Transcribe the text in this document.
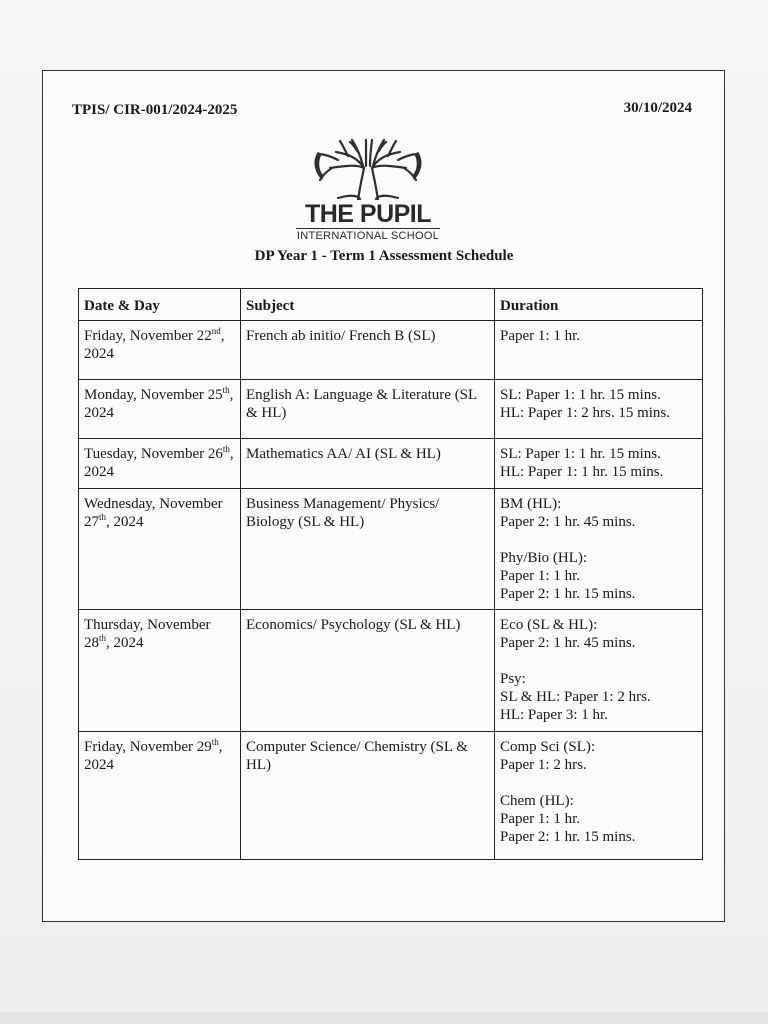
TPIS/ CIR-001/2024-2025	30/10/2024
THE PUPIL
INTERNATIONAL SCHOOL
DP Year 1 - Term 1 Assessment Schedule
Date & Day	Subject	Duration
Friday, November 22nd, 2024	French ab initio/ French B (SL)	Paper 1: 1 hr.

Monday, November 25th, 2024	English A: Language & Literature (SL & HL)	SL: Paper 1: 1 hr. 15 mins.
HL: Paper 1: 2 hrs. 15 mins.

Tuesday, November 26th, 2024	Mathematics AA/ AI (SL & HL)	SL: Paper 1: 1 hr. 15 mins.
HL: Paper 1: 1 hr. 15 mins.

Wednesday, November 27th, 2024	Business Management/ Physics/ Biology (SL & HL)	BM (HL):
Paper 2: 1 hr. 45 mins.
Phy/Bio (HL):
Paper 1: 1 hr.
Paper 2: 1 hr. 15 mins.

Thursday, November 28th, 2024	Economics/ Psychology (SL & HL)	Eco (SL & HL):
Paper 2: 1 hr. 45 mins.
Psy:
SL & HL: Paper 1: 2 hrs.
HL: Paper 3: 1 hr.

Friday, November 29th, 2024	Computer Science/ Chemistry (SL & HL)	Comp Sci (SL):
Paper 1: 2 hrs.
Chem (HL):
Paper 1: 1 hr.
Paper 2: 1 hr. 15 mins.
